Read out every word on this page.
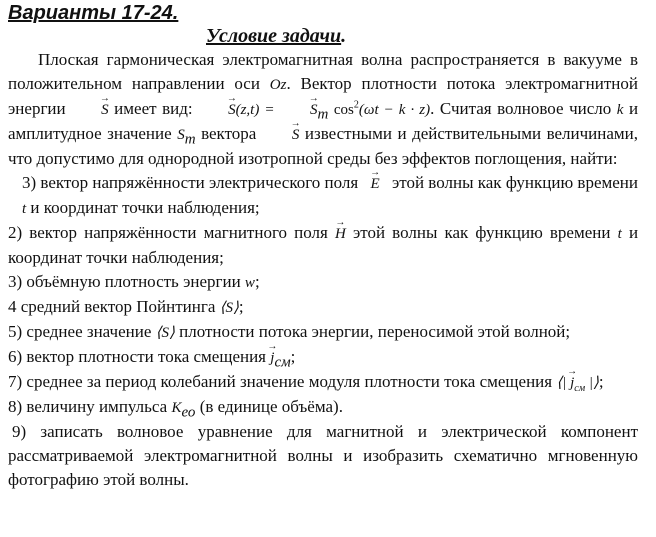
Варианты 17-24.
Условие задачи.

Плоская гармоническая электромагнитная волна распространяется в вакууме в положительном направлении оси Oz. Вектор плотности потока электромагнитной энергии → S имеет вид: → S(z,t) = → $S_m$ $\cos^2(\omega t - k \cdot z)$. Считая волновое число k и амплитудное значение $S_m$ вектора → S известными и действительными величинами, что допустимо для однородной изотропной среды без эффектов поглощения, найти:

3) вектор напряжённости электрического поля → E этой волны как функцию времени t и координат точки наблюдения;

2) вектор напряжённости магнитного поля → H этой волны как функцию времени t и координат точки наблюдения;

3) объёмную плотность энергии w;

4 средний вектор Пойнтинга ⟨S⟩;

5) среднее значение ⟨S⟩ плотности потока энергии, переносимой этой волной;

6) вектор плотности тока смещения → $j_{см}$;

7) среднее за период колебаний значение модуля плотности тока смещения ⟨| → $j_{см}$ |⟩;

8) величину импульса $K_{ео}$ (в единице объёма).

9) записать волновое уравнение для магнитной и электрической компонент рассматриваемой электромагнитной волны и изобразить схематично мгновенную фотографию этой волны.
